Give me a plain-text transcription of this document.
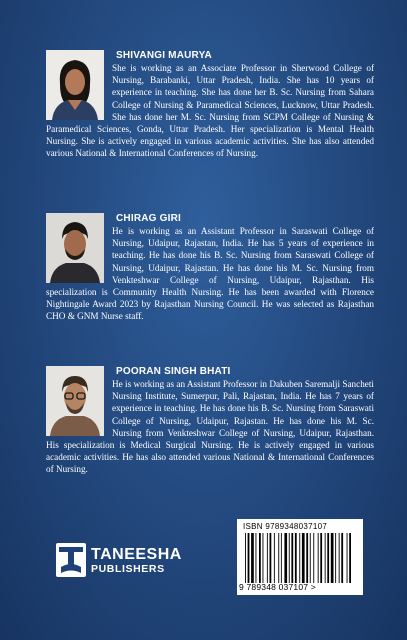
SHIVANGI MAURYA

She is working as an Associate Professor in Sherwood College of Nursing, Barabanki, Uttar Pradesh, India. She has 10 years of experience in teaching. She has done her B. Sc. Nursing from Sahara College of Nursing & Paramedical Sciences, Lucknow, Uttar Pradesh. She has done her M. Sc. Nursing from SCPM College of Nursing & Paramedical Sciences, Gonda, Uttar Pradesh. Her specialization is Mental Health Nursing. She is actively engaged in various academic activities. She has also attended various National & International Conferences of Nursing.

CHIRAG GIRI

He is working as an Assistant Professor in Saraswati College of Nursing, Udaipur, Rajastan, India. He has 5 years of experience in teaching. He has done his B. Sc. Nursing from Saraswati College of Nursing, Udaipur, Rajastan. He has done his M. Sc. Nursing from Venkteshwar College of Nursing, Udaipur, Rajasthan. His specialization is Community Health Nursing. He has been awarded with Florence Nightingale Award 2023 by Rajasthan Nursing Council. He was selected as Rajasthan CHO & GNM Nurse staff.

POORAN SINGH BHATI

He is working as an Assistant Professor in Dakuben Saremalji Sancheti Nursing Institute, Sumerpur, Pali, Rajastan, India. He has 7 years of experience in teaching. He has done his B. Sc. Nursing from Saraswati College of Nursing, Udaipur, Rajastan. He has done his M. Sc. Nursing from Venkteshwar College of Nursing, Udaipur, Rajasthan. His specialization is Medical Surgical Nursing. He is actively engaged in various academic activities. He has also attended various National & International Conferences of Nursing.

TANEESHA
PUBLISHERS
ISBN 9789348037107
9 789348 037107 >
